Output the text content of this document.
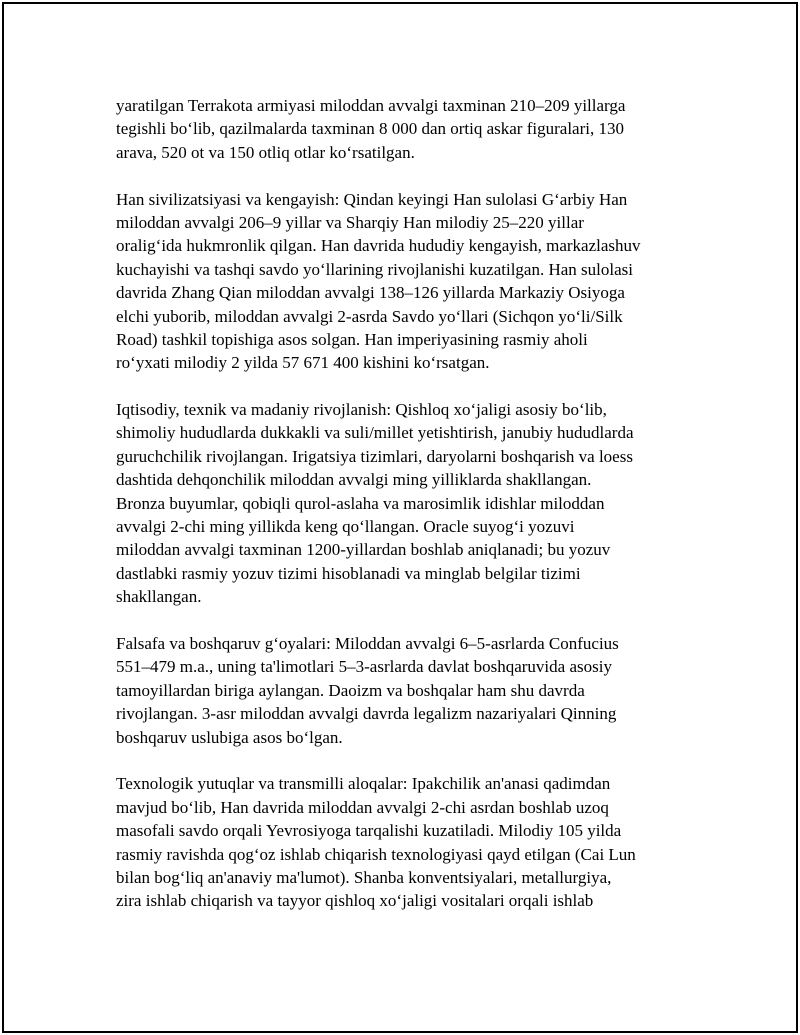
yaratilgan Terrakota armiyasi miloddan avvalgi taxminan 210–209 yillarga
tegishli bo‘lib, qazilmalarda taxminan 8 000 dan ortiq askar figuralari, 130
arava, 520 ot va 150 otliq otlar ko‘rsatilgan.
Han sivilizatsiyasi va kengayish: Qindan keyingi Han sulolasi G‘arbiy Han
miloddan avvalgi 206–9 yillar va Sharqiy Han milodiy 25–220 yillar
oralig‘ida hukmronlik qilgan. Han davrida hududiy kengayish, markazlashuv
kuchayishi va tashqi savdo yo‘llarining rivojlanishi kuzatilgan. Han sulolasi
davrida Zhang Qian miloddan avvalgi 138–126 yillarda Markaziy Osiyoga
elchi yuborib, miloddan avvalgi 2-asrda Savdo yo‘llari (Sichqon yo‘li/Silk
Road) tashkil topishiga asos solgan. Han imperiyasining rasmiy aholi
ro‘yxati milodiy 2 yilda 57 671 400 kishini ko‘rsatgan.
Iqtisodiy, texnik va madaniy rivojlanish: Qishloq xo‘jaligi asosiy bo‘lib,
shimoliy hududlarda dukkakli va suli/millet yetishtirish, janubiy hududlarda
guruchchilik rivojlangan. Irigatsiya tizimlari, daryolarni boshqarish va loess
dashtida dehqonchilik miloddan avvalgi ming yilliklarda shakllangan.
Bronza buyumlar, qobiqli qurol-aslaha va marosimlik idishlar miloddan
avvalgi 2-chi ming yillikda keng qo‘llangan. Oracle suyog‘i yozuvi
miloddan avvalgi taxminan 1200-yillardan boshlab aniqlanadi; bu yozuv
dastlabki rasmiy yozuv tizimi hisoblanadi va minglab belgilar tizimi
shakllangan.
Falsafa va boshqaruv g‘oyalari: Miloddan avvalgi 6–5-asrlarda Confucius
551–479 m.a., uning ta'limotlari 5–3-asrlarda davlat boshqaruvida asosiy
tamoyillardan biriga aylangan. Daoizm va boshqalar ham shu davrda
rivojlangan. 3-asr miloddan avvalgi davrda legalizm nazariyalari Qinning
boshqaruv uslubiga asos bo‘lgan.
Texnologik yutuqlar va transmilli aloqalar: Ipakchilik an'anasi qadimdan
mavjud bo‘lib, Han davrida miloddan avvalgi 2-chi asrdan boshlab uzoq
masofali savdo orqali Yevrosiyoga tarqalishi kuzatiladi. Milodiy 105 yilda
rasmiy ravishda qog‘oz ishlab chiqarish texnologiyasi qayd etilgan (Cai Lun
bilan bog‘liq an'anaviy ma'lumot). Shanba konventsiyalari, metallurgiya,
zira ishlab chiqarish va tayyor qishloq xo‘jaligi vositalari orqali ishlab
